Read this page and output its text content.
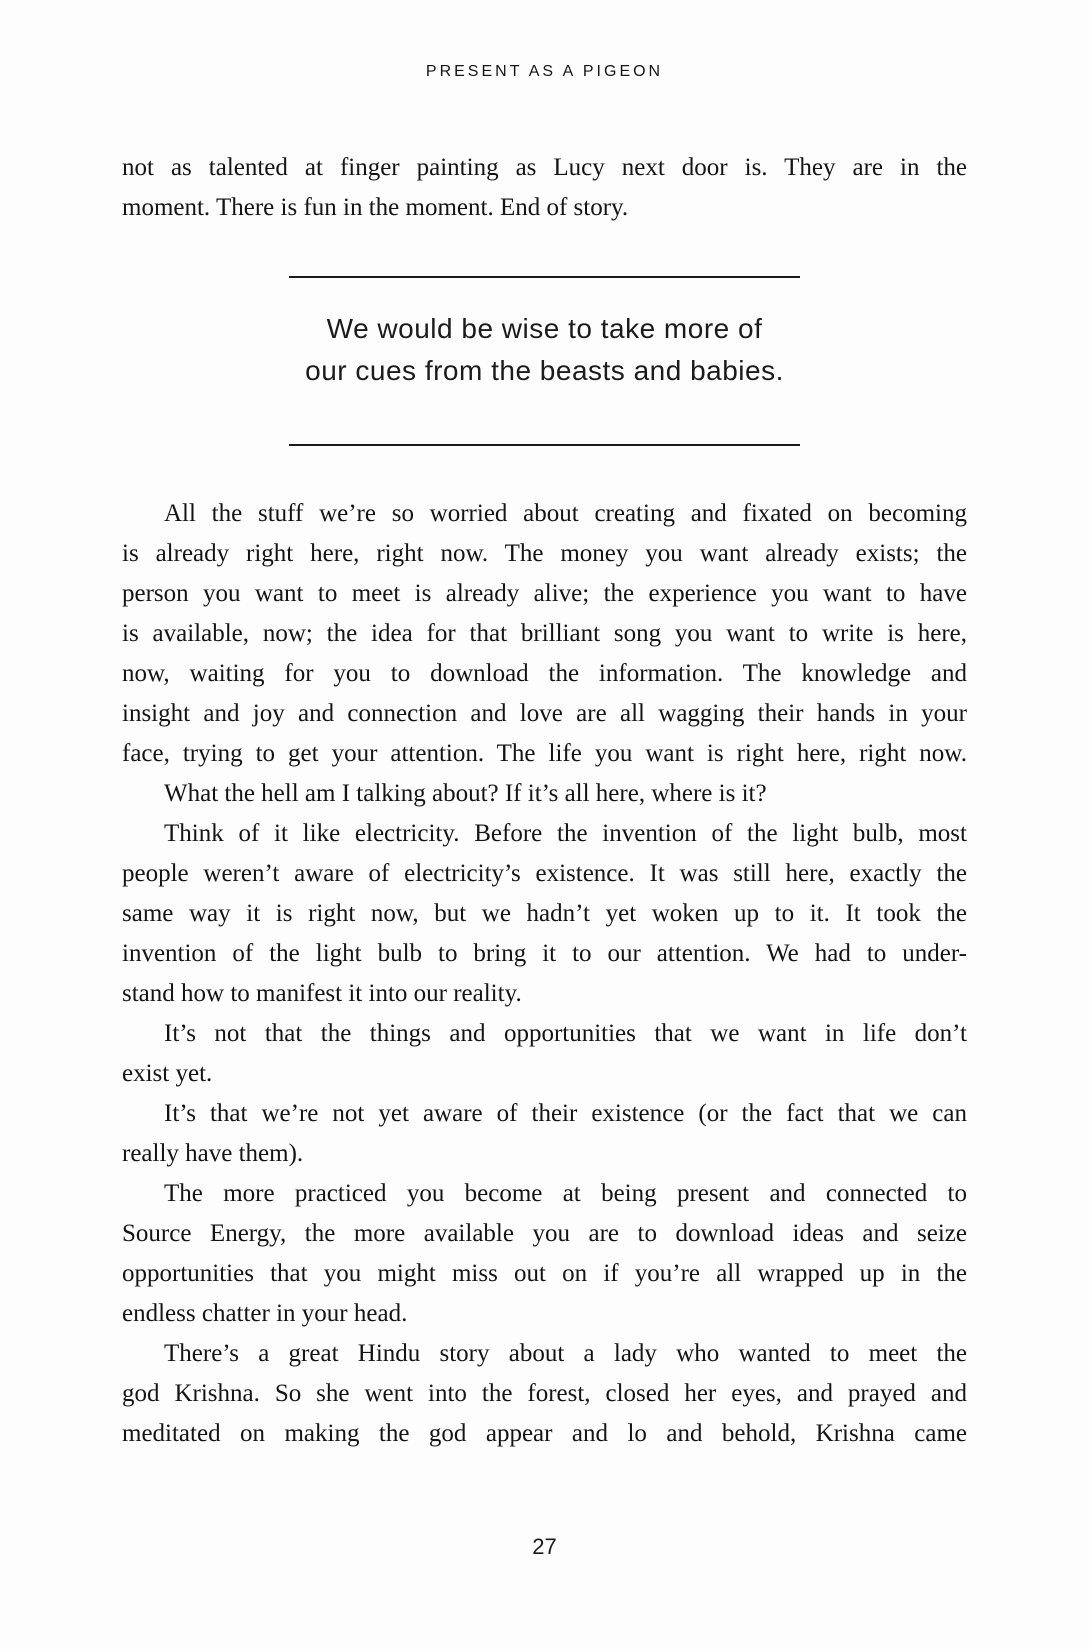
PRESENT AS A PIGEON
not as talented at finger painting as Lucy next door is. They are in the
moment. There is fun in the moment. End of story.
We would be wise to take more of
our cues from the beasts and babies.
All the stuff we’re so worried about creating and fixated on becoming
is already right here, right now. The money you want already exists; the
person you want to meet is already alive; the experience you want to have
is available, now; the idea for that brilliant song you want to write is here,
now, waiting for you to download the information. The knowledge and
insight and joy and connection and love are all wagging their hands in your
face, trying to get your attention. The life you want is right here, right now.
What the hell am I talking about? If it’s all here, where is it?
Think of it like electricity. Before the invention of the light bulb, most
people weren’t aware of electricity’s existence. It was still here, exactly the
same way it is right now, but we hadn’t yet woken up to it. It took the
invention of the light bulb to bring it to our attention. We had to under-
stand how to manifest it into our reality.
It’s not that the things and opportunities that we want in life don’t
exist yet.
It’s that we’re not yet aware of their existence (or the fact that we can
really have them).
The more practiced you become at being present and connected to
Source Energy, the more available you are to download ideas and seize
opportunities that you might miss out on if you’re all wrapped up in the
endless chatter in your head.
There’s a great Hindu story about a lady who wanted to meet the
god Krishna. So she went into the forest, closed her eyes, and prayed and
meditated on making the god appear and lo and behold, Krishna came
27
